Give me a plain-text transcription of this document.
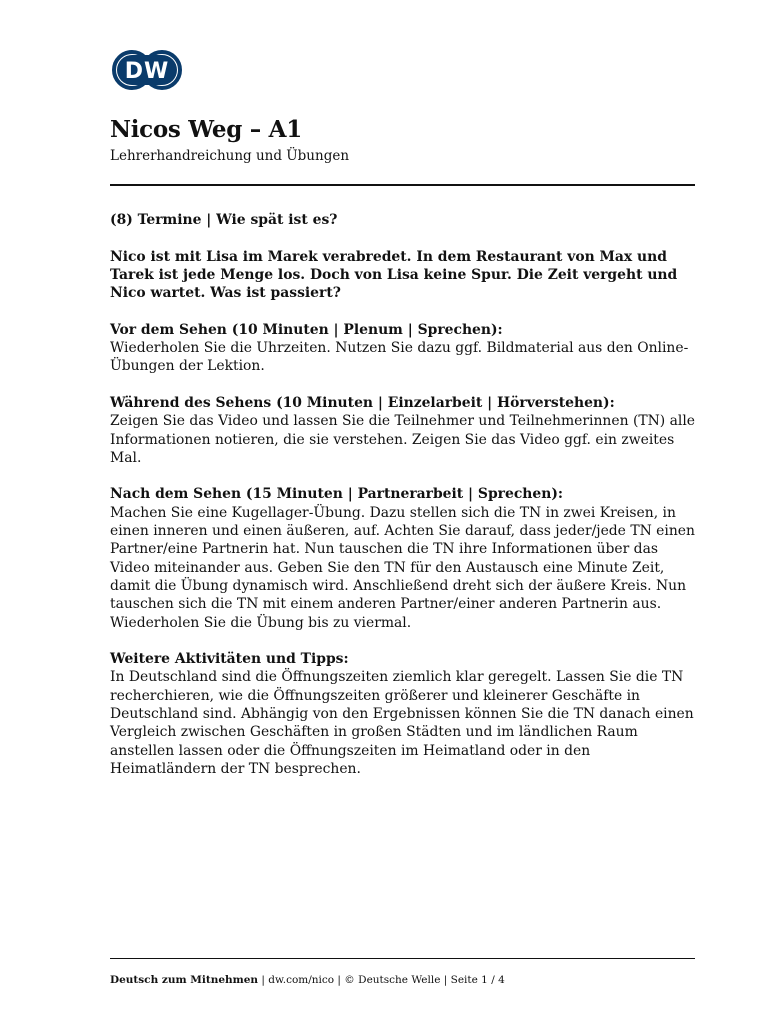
DW
Nicos Weg – A1

Lehrerhandreichung und Übungen

(8) Termine | Wie spät ist es?

Nico ist mit Lisa im Marek verabredet. In dem Restaurant von Max und Tarek ist jede Menge los. Doch von Lisa keine Spur. Die Zeit vergeht und Nico wartet. Was ist passiert?

Vor dem Sehen (10 Minuten | Plenum | Sprechen):

Wiederholen Sie die Uhrzeiten. Nutzen Sie dazu ggf. Bildmaterial aus den Online-Übungen der Lektion.

Während des Sehens (10 Minuten | Einzelarbeit | Hörverstehen):

Zeigen Sie das Video und lassen Sie die Teilnehmer und Teilnehmerinnen (TN) alle Informationen notieren, die sie verstehen. Zeigen Sie das Video ggf. ein zweites Mal.

Nach dem Sehen (15 Minuten | Partnerarbeit | Sprechen):

Machen Sie eine Kugellager-Übung. Dazu stellen sich die TN in zwei Kreisen, in einen inneren und einen äußeren, auf. Achten Sie darauf, dass jeder/jede TN einen Partner/eine Partnerin hat. Nun tauschen die TN ihre Informationen über das Video miteinander aus. Geben Sie den TN für den Austausch eine Minute Zeit, damit die Übung dynamisch wird. Anschließend dreht sich der äußere Kreis. Nun tauschen sich die TN mit einem anderen Partner/einer anderen Partnerin aus. Wiederholen Sie die Übung bis zu viermal.

Weitere Aktivitäten und Tipps:

In Deutschland sind die Öffnungszeiten ziemlich klar geregelt. Lassen Sie die TN recherchieren, wie die Öffnungszeiten größerer und kleinerer Geschäfte in Deutschland sind. Abhängig von den Ergebnissen können Sie die TN danach einen Vergleich zwischen Geschäften in großen Städten und im ländlichen Raum anstellen lassen oder die Öffnungszeiten im Heimatland oder in den Heimatländern der TN besprechen.

Deutsch zum Mitnehmen | dw.com/nico | © Deutsche Welle | Seite 1 / 4
